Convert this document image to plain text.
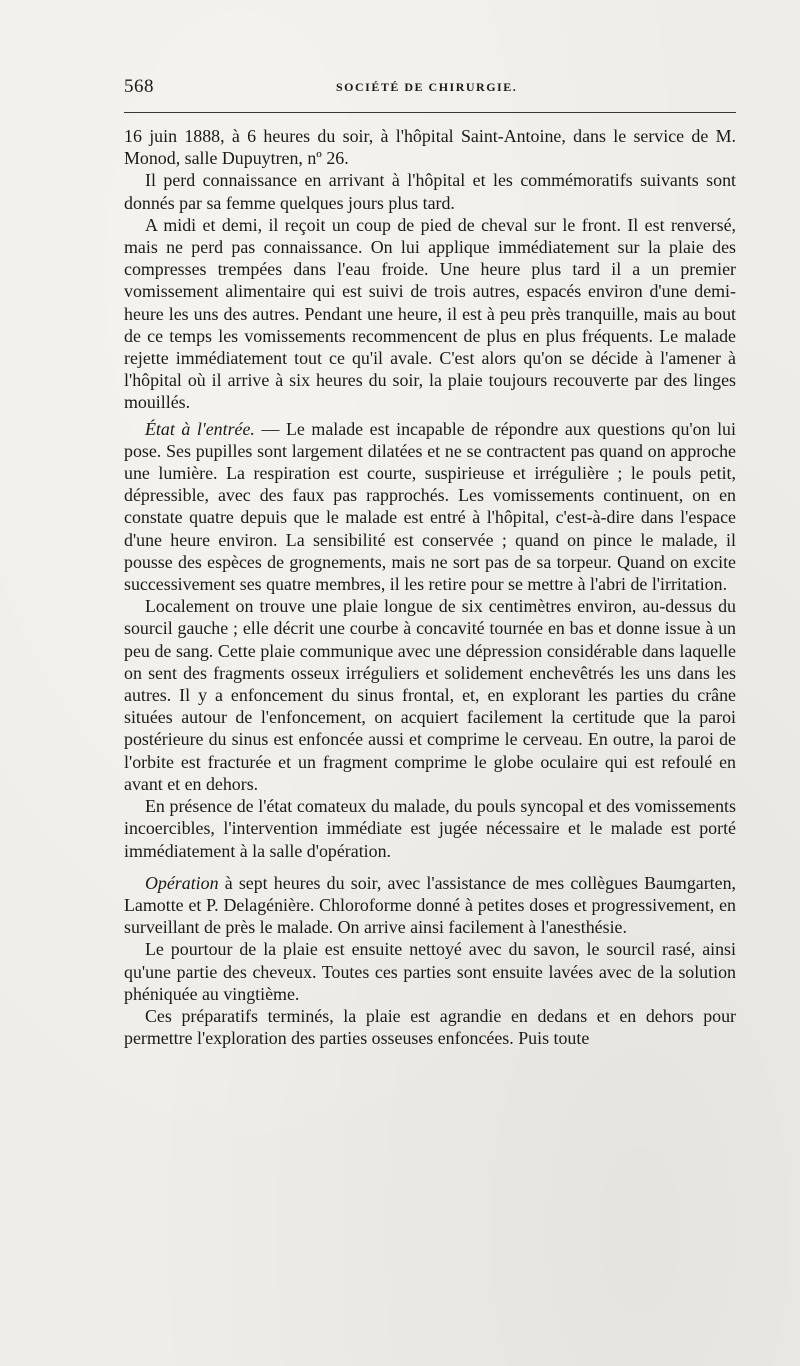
568	SOCIÉTÉ DE CHIRURGIE.

16 juin 1888, à 6 heures du soir, à l'hôpital Saint-Antoine, dans le service de M. Monod, salle Dupuytren, nº 26.

Il perd connaissance en arrivant à l'hôpital et les commémoratifs suivants sont donnés par sa femme quelques jours plus tard.

A midi et demi, il reçoit un coup de pied de cheval sur le front. Il est renversé, mais ne perd pas connaissance. On lui applique immédiatement sur la plaie des compresses trempées dans l'eau froide. Une heure plus tard il a un premier vomissement alimentaire qui est suivi de trois autres, espacés environ d'une demi-heure les uns des autres. Pendant une heure, il est à peu près tranquille, mais au bout de ce temps les vomissements recommencent de plus en plus fréquents. Le malade rejette immédiatement tout ce qu'il avale. C'est alors qu'on se décide à l'amener à l'hôpital où il arrive à six heures du soir, la plaie toujours recouverte par des linges mouillés.

État à l'entrée. — Le malade est incapable de répondre aux questions qu'on lui pose. Ses pupilles sont largement dilatées et ne se contractent pas quand on approche une lumière. La respiration est courte, suspirieuse et irrégulière ; le pouls petit, dépressible, avec des faux pas rapprochés. Les vomissements continuent, on en constate quatre depuis que le malade est entré à l'hôpital, c'est-à-dire dans l'espace d'une heure environ. La sensibilité est conservée ; quand on pince le malade, il pousse des espèces de grognements, mais ne sort pas de sa torpeur. Quand on excite successivement ses quatre membres, il les retire pour se mettre à l'abri de l'irritation.

Localement on trouve une plaie longue de six centimètres environ, au-dessus du sourcil gauche ; elle décrit une courbe à concavité tournée en bas et donne issue à un peu de sang. Cette plaie communique avec une dépression considérable dans laquelle on sent des fragments osseux irréguliers et solidement enchevêtrés les uns dans les autres. Il y a enfoncement du sinus frontal, et, en explorant les parties du crâne situées autour de l'enfoncement, on acquiert facilement la certitude que la paroi postérieure du sinus est enfoncée aussi et comprime le cerveau. En outre, la paroi de l'orbite est fracturée et un fragment comprime le globe oculaire qui est refoulé en avant et en dehors.

En présence de l'état comateux du malade, du pouls syncopal et des vomissements incoercibles, l'intervention immédiate est jugée nécessaire et le malade est porté immédiatement à la salle d'opération.

Opération à sept heures du soir, avec l'assistance de mes collègues Baumgarten, Lamotte et P. Delagénière. Chloroforme donné à petites doses et progressivement, en surveillant de près le malade. On arrive ainsi facilement à l'anesthésie.

Le pourtour de la plaie est ensuite nettoyé avec du savon, le sourcil rasé, ainsi qu'une partie des cheveux. Toutes ces parties sont ensuite lavées avec de la solution phéniquée au vingtième.

Ces préparatifs terminés, la plaie est agrandie en dedans et en dehors pour permettre l'exploration des parties osseuses enfoncées. Puis toute
